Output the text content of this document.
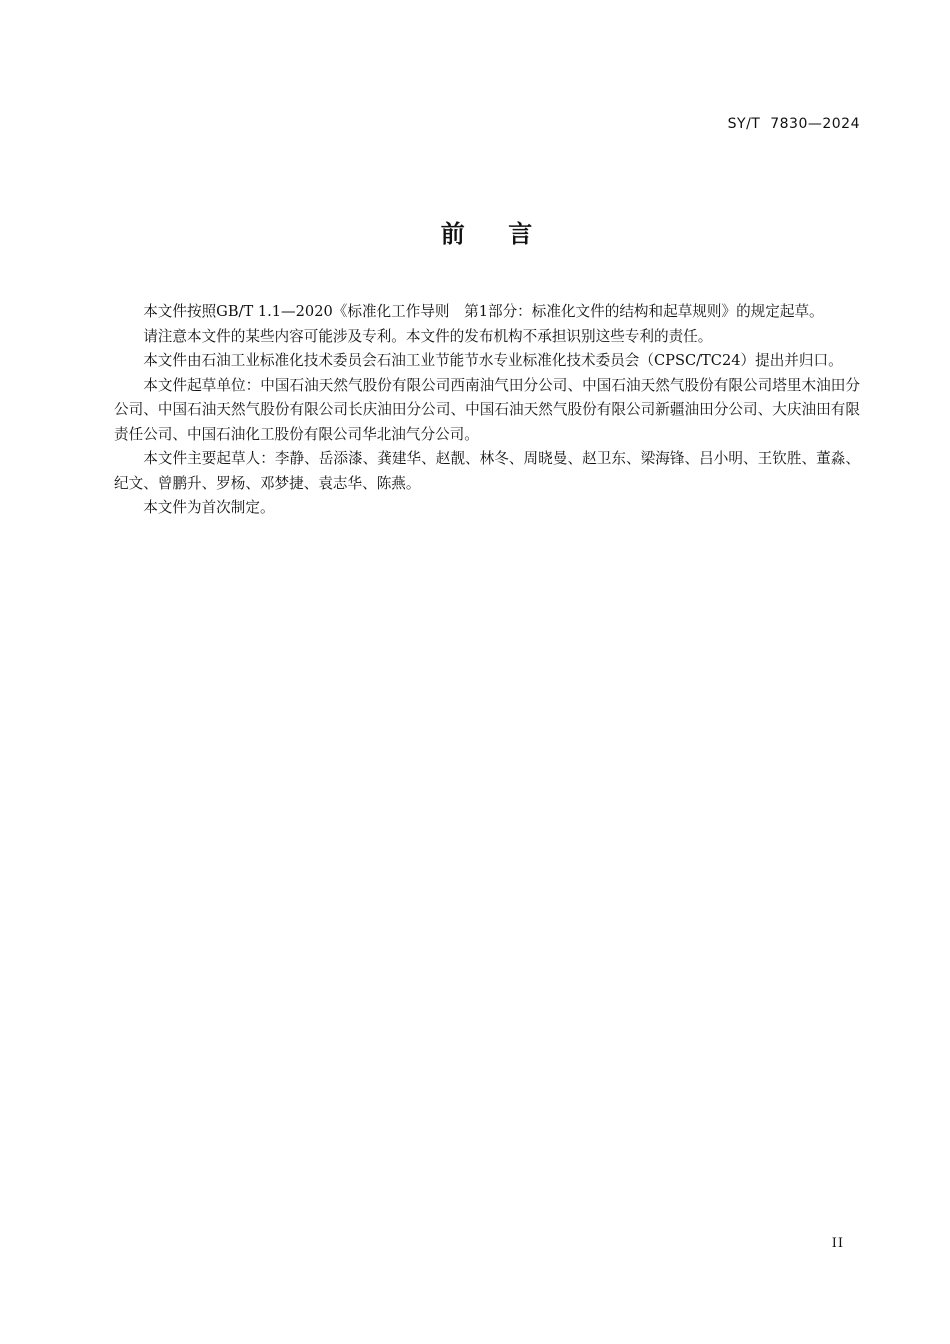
SY/T  7830—2024
前    言

本文件按照GB/T 1.1—2020《标准化工作导则　第1部分：标准化文件的结构和起草规则》的规定起草。

请注意本文件的某些内容可能涉及专利。本文件的发布机构不承担识别这些专利的责任。

本文件由石油工业标准化技术委员会石油工业节能节水专业标准化技术委员会（CPSC/TC24）提出并归口。

本文件起草单位：中国石油天然气股份有限公司西南油气田分公司、中国石油天然气股份有限公司塔里木油田分公司、中国石油天然气股份有限公司长庆油田分公司、中国石油天然气股份有限公司新疆油田分公司、大庆油田有限责任公司、中国石油化工股份有限公司华北油气分公司。

本文件主要起草人：李静、岳添漆、龚建华、赵靓、林冬、周晓曼、赵卫东、梁海锋、吕小明、王钦胜、董淼、纪文、曾鹏升、罗杨、邓梦捷、袁志华、陈燕。

本文件为首次制定。

II
